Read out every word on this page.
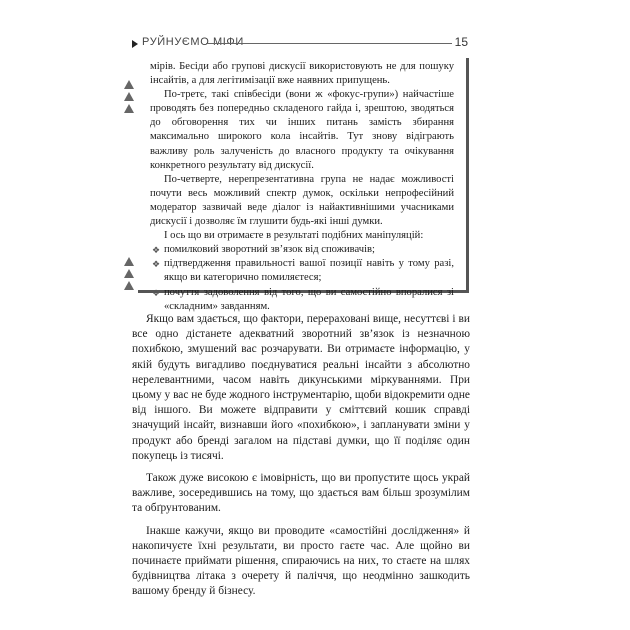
РУЙНУЄМО МІФИ	15

мірів. Бесіди або групові дискусії використовують не для пошуку інсайтів, а для легітимізації вже наявних припущень.

По-третє, такі співбесіди (вони ж «фокус-групи») найчастіше проводять без попередньо складеного гайда і, зрештою, зводяться до обговорення тих чи інших питань замість збирання максимально широкого кола інсайтів. Тут знову відіграють важливу роль залученість до власного продукту та очікування конкретного результату від дискусії.

По-четверте, нерепрезентативна група не надає можливості почути весь можливий спектр думок, оскільки непрофесійний модератор зазвичай веде діалог із найактивнішими учасниками дискусії і дозволяє їм глушити будь-які інші думки.

І ось що ви отримаєте в результаті подібних маніпуляцій:

❖ помилковий зворотний зв’язок від споживачів;
❖ підтвердження правильності вашої позиції навіть у тому разі, якщо ви категорично помиляєтеся;
❖ почуття задоволення від того, що ви самостійно впоралися зі «складним» завданням.

Якщо вам здається, що фактори, перераховані вище, несуттєві і ви все одно дістанете адекватний зворотний зв’язок із незначною похибкою, змушений вас розчарувати. Ви отримаєте інформацію, у якій будуть вигадливо поєднуватися реальні інсайти з абсолютно нерелевантними, часом навіть дикунськими міркуваннями. При цьому у вас не буде жодного інструментарію, щоби відокремити одне від іншого. Ви можете відправити у сміттєвий кошик справді значущий інсайт, визнавши його «похибкою», і запланувати зміни у продукт або бренді загалом на підставі думки, що її поділяє один покупець із тисячі.

Також дуже високою є імовірність, що ви пропустите щось украй важливе, зосередившись на тому, що здається вам більш зрозумілим та обґрунтованим.

Інакше кажучи, якщо ви проводите «самостійні дослідження» й накопичуєте їхні результати, ви просто гаєте час. Але щойно ви починаєте приймати рішення, спираючись на них, то стаєте на шлях будівництва літака з очерету й паліччя, що неодмінно зашкодить вашому бренду й бізнесу.
